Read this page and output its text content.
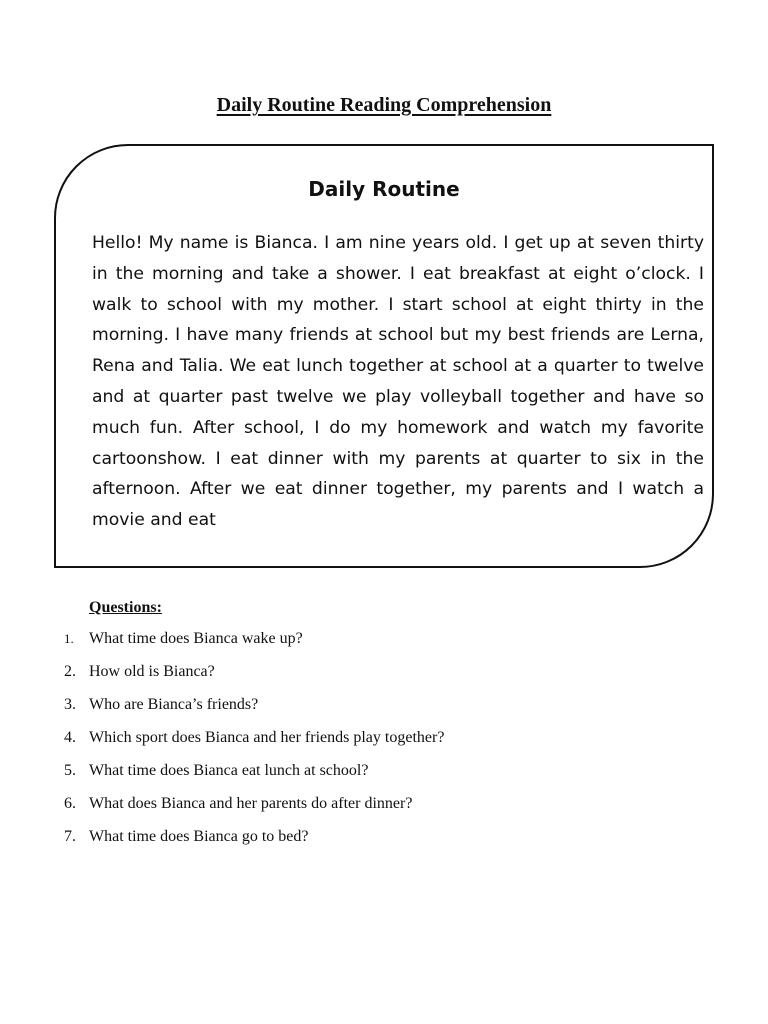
Daily Routine Reading Comprehension
Daily Routine

Hello! My name is Bianca. I am nine years old. I get up at seven thirty in the morning and take a shower. I eat breakfast at eight o’clock. I walk to school with my mother. I start school at eight thirty in the morning. I have many friends at school but my best friends are Lerna, Rena and Talia. We eat lunch together at school at a quarter to twelve and at quarter past twelve we play volleyball together and have so much fun. After school, I do my homework and watch my favorite cartoonshow. I eat dinner with my parents at quarter to six in the afternoon. After we eat dinner together, my parents and I watch a movie and eat

Questions:
1. What time does Bianca wake up?
2. How old is Bianca?
3. Who are Bianca’s friends?
4. Which sport does Bianca and her friends play together?
5. What time does Bianca eat lunch at school?
6. What does Bianca and her parents do after dinner?
7. What time does Bianca go to bed?
